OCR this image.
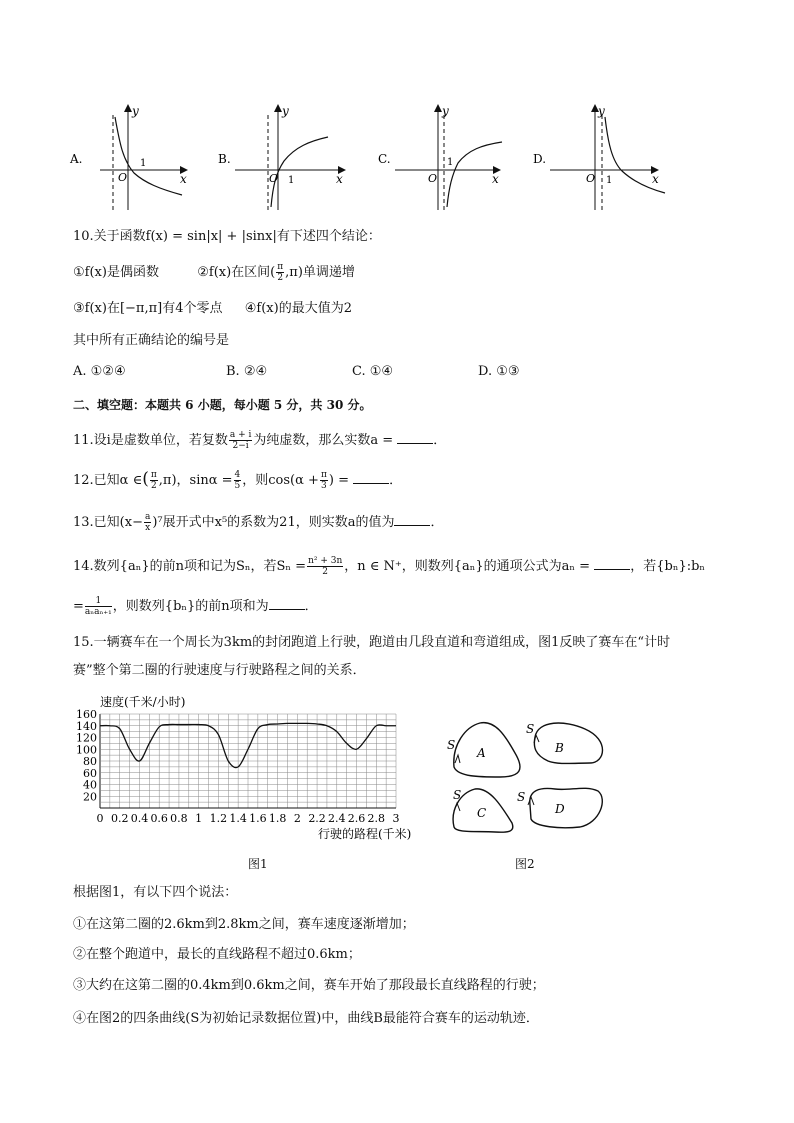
A.
y
x
O
1	B.
y
x
O 1
C.
y
x
O
1	D.
y
x
O 1
10.关于函数f(x) = sin|x| + |sinx|有下述四个结论：
①f(x)是偶函数	②f(x)在区间( $\frac{\pi}{2} ,\pi$)单调递增
③f(x)在[−π,π]有4个零点 ④f(x)的最大值为2
其中所有正确结论的编号是
A. ①②④	B. ②④	C. ①④	D. ①③
二、填空题：本题共 6 小题，每小题 5 分，共 30 分。
11.设i是虚数单位，若复数 $\frac{a + i}{2-i}$ 为纯虚数，那么实数a =	．
12.已知α ∈( $\frac{\pi}{2} ,\pi$)，$\sin\alpha = \frac{4}{5}$ ，则$\cos(\alpha + \frac{\pi}{3}$ ) =	．
13.已知$(x- \frac{a}{x} )^7$展开式中x⁵的系数为21，则实数a的值为	．
14.数列{aₙ}的前n项和记为Sₙ，若$S_n = \frac{\text{n² + 3n}}{2}$ ，n ∈ N⁺，则数列{aₙ}的通项公式为aₙ =	，若{bₙ}:bₙ
= $\frac{1}{\text{aₙaₙ₊₁}}$ ，则数列{bₙ}的前n项和为	．
15.一辆赛车在一个周长为3km的封闭跑道上行驶，跑道由几段直道和弯道组成，图1反映了赛车在“计时
赛”整个第二圈的行驶速度与行驶路程之间的关系．
20
40
60
80
100
120
140
160
0 0.2 0.4 0.6 0.8 1 1.2 1.4 1.6 1.8 2 2.2 2.4 2.6 2.8 3
速度(千米/小时)
行驶的路程(千米)
图1
S
A
S
B
S
C
S
D
图2
根据图1，有以下四个说法：
①在这第二圈的2.6km到2.8km之间，赛车速度逐渐增加；
②在整个跑道中，最长的直线路程不超过0.6km；
③大约在这第二圈的0.4km到0.6km之间，赛车开始了那段最长直线路程的行驶；
④在图2的四条曲线(S为初始记录数据位置)中，曲线B最能符合赛车的运动轨迹．
